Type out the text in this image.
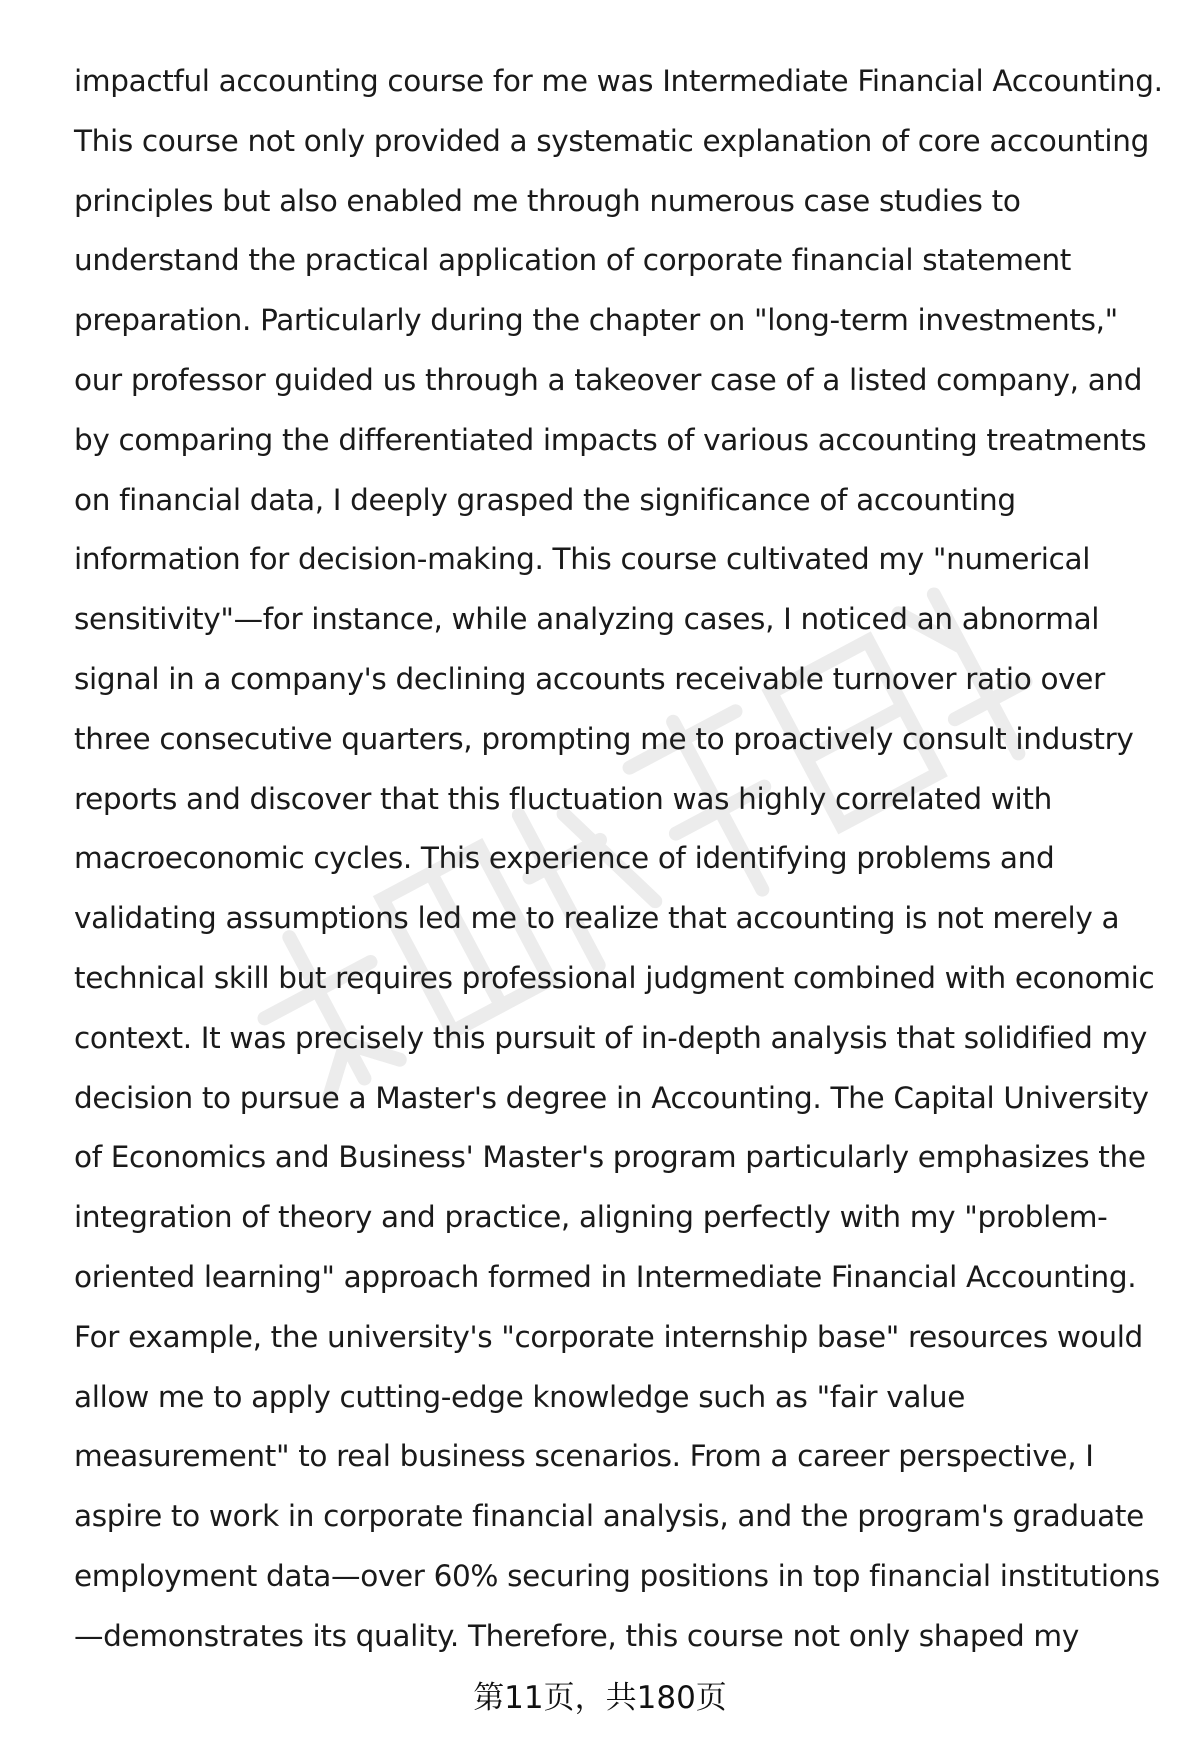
impactful accounting course for me was Intermediate Financial Accounting.
This course not only provided a systematic explanation of core accounting
principles but also enabled me through numerous case studies to
understand the practical application of corporate financial statement
preparation. Particularly during the chapter on "long-term investments,"
our professor guided us through a takeover case of a listed company, and
by comparing the differentiated impacts of various accounting treatments
on financial data, I deeply grasped the significance of accounting
information for decision-making. This course cultivated my "numerical
sensitivity"—for instance, while analyzing cases, I noticed an abnormal
signal in a company's declining accounts receivable turnover ratio over
three consecutive quarters, prompting me to proactively consult industry
reports and discover that this fluctuation was highly correlated with
macroeconomic cycles. This experience of identifying problems and
validating assumptions led me to realize that accounting is not merely a
technical skill but requires professional judgment combined with economic
context. It was precisely this pursuit of in-depth analysis that solidified my
decision to pursue a Master's degree in Accounting. The Capital University
of Economics and Business' Master's program particularly emphasizes the
integration of theory and practice, aligning perfectly with my "problem-
oriented learning" approach formed in Intermediate Financial Accounting.
For example, the university's "corporate internship base" resources would
allow me to apply cutting-edge knowledge such as "fair value
measurement" to real business scenarios. From a career perspective, I
aspire to work in corporate financial analysis, and the program's graduate
employment data—over 60% securing positions in top financial institutions
—demonstrates its quality. Therefore, this course not only shaped my
第11页，共180页
